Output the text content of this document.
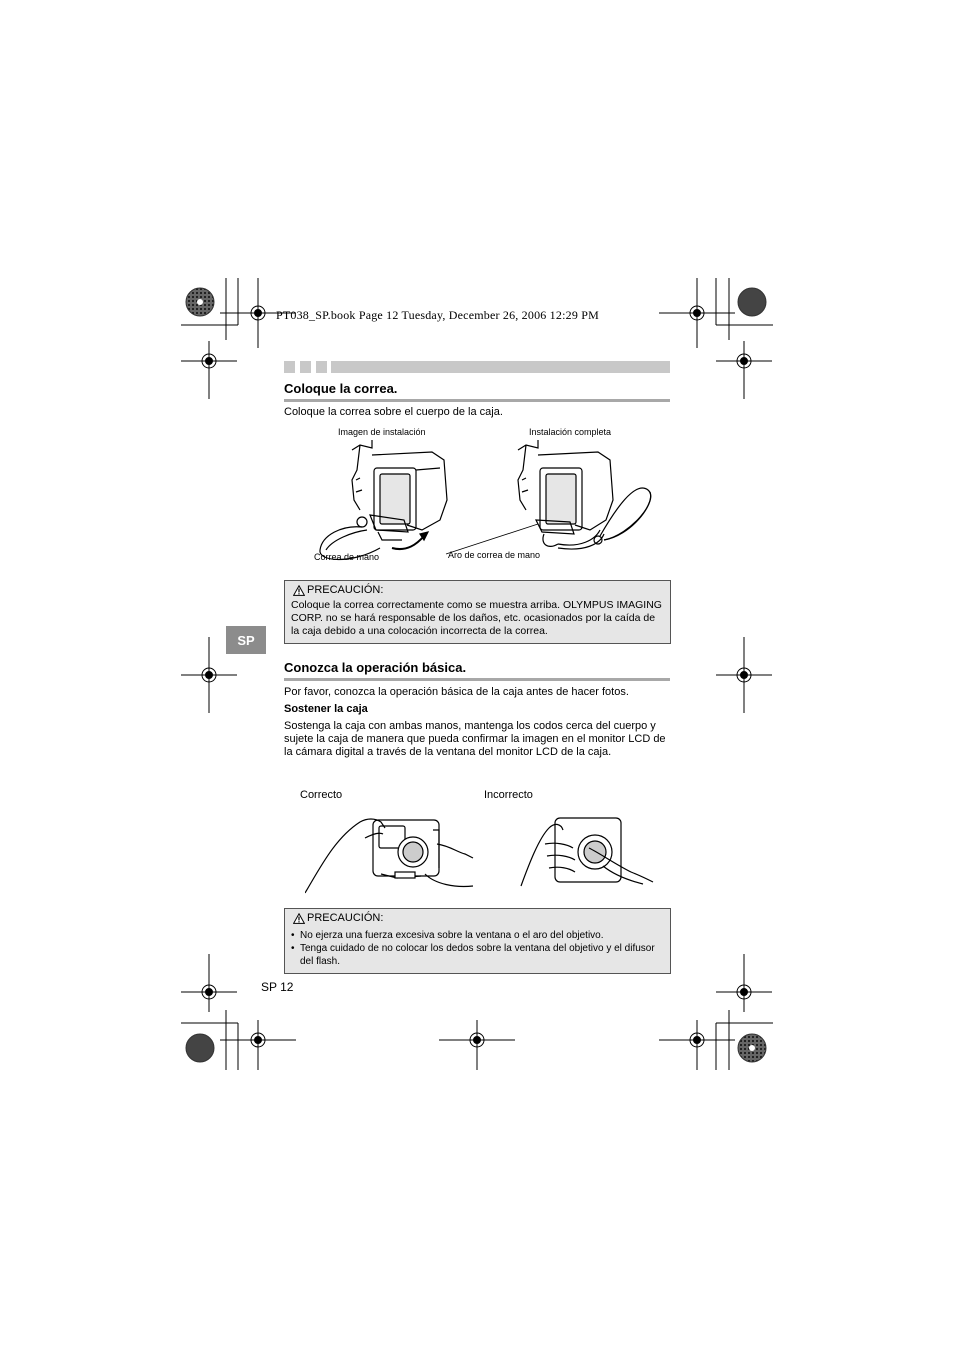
PT038_SP.book Page 12 Tuesday, December 26, 2006 12:29 PM
Coloque la correa.
Coloque la correa sobre el cuerpo de la caja.
Imagen de instalación	Instalación completa
Correa de mano	Aro de correa de mano
PRECAUCIÓN:
Coloque la correa correctamente como se muestra arriba. OLYMPUS IMAGING CORP. no se hará responsable de los daños, etc. ocasionados por la caída de la caja debido a una colocación incorrecta de la correa.
SP
Conozca la operación básica.
Por favor, conozca la operación básica de la caja antes de hacer fotos.
Sostener la caja
Sostenga la caja con ambas manos, mantenga los codos cerca del cuerpo y sujete la caja de manera que pueda confirmar la imagen en el monitor LCD de la cámara digital a través de la ventana del monitor LCD de la caja.
Correcto	Incorrecto
PRECAUCIÓN:
• No ejerza una fuerza excesiva sobre la ventana o el aro del objetivo.
• Tenga cuidado de no colocar los dedos sobre la ventana del objetivo y el difusor del flash.
SP 12
